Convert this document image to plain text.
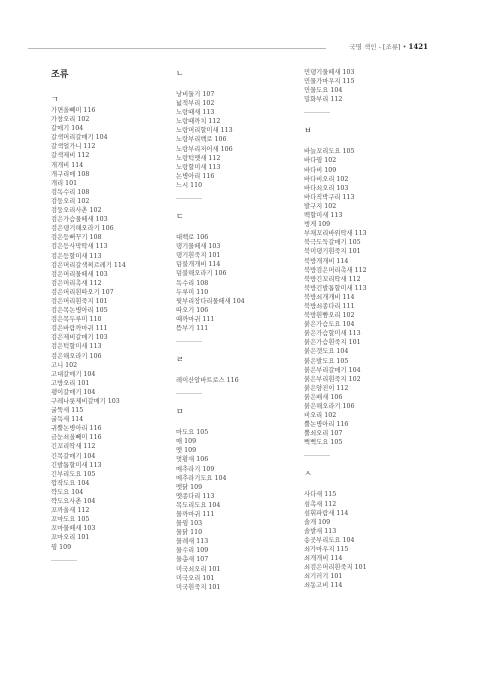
국명 색인 - [조류] • 1421
조류
ㄱ
가면올빼미 116
가창오리 102
갈매기 104
갈색머리갈매기 104
갈색얼가니 112
갈색제비 112
개개비 114
개구리매 108
개리 101
검독수리 108
검둥오리 102
검둥오리사촌 102
검은가슴물떼새 103
검은댕기해오라기 106
검은등뻐꾸기 108
검은등사막딱새 113
검은등할미새 113
검은머리갈색찌르레기 114
검은머리물떼새 103
검은머리촉새 112
검은머리흰따오기 107
검은머리흰죽지 101
검은목논병아리 105
검은목두루미 110
검은바람까마귀 111
검은제비갈매기 103
검은턱할미새 113
검은해오라기 106
고니 102
고대갈매기 104
고방오리 101
괭이갈매기 104
구레나룻제비갈매기 103
굴뚝새 115
굴독새 114
귀뿔논병아리 116
금눈쇠올빼미 116
긴꼬리딱새 112
긴목갈매기 104
긴발톱할미새 113
긴부리도요 105
깝작도요 104
꺅도요 104
꺅도요사촌 104
꼬까울새 112
꼬마도요 105
꼬마물떼새 103
꼬마오리 101
꿩 109
ㄴ
낭비둘기 107
넓적부리 102
노랑때새 113
노랑때까치 112
노랑머리할미새 113
노랑부리백로 106
노랑부리저어새 106
노랑턱멧새 112
노랑할미새 113
논병아리 116
느시 110
ㄷ
대백로 106
댕기물떼새 103
댕기흰죽지 101
덤불개개비 114
덤불해오라기 106
독수리 108
두루미 110
뒷부리장다리물떼새 104
따오기 106
때까마귀 111
뜸부기 111
ㄹ
레이산알바트로스 116
ㅁ
마도요 105
매 109
멧 109
멋황새 106
메추라기 109
메추라기도요 104
멧닭 109
멧종다리 113
목도리도요 104
물까마귀 111
물꿩 103
물닭 110
물레새 113
물수리 109
물총새 107
미국쇠오리 101
미국오리 101
미국흰죽지 101
민댕기물떼새 103
민물가마우지 115
민물도요 104
밀화부리 112
ㅂ
바늘꼬리도요 105
바다꿩 102
바다비 109
바다비오리 102
바다쇠오리 103
바다직박구리 113
발구지 102
백할미새 113
벙게 109
부채꼬리바위딱새 113
북극도둑갈매기 105
북미댕기흰죽지 101
북방개개비 114
북방검은머리촉새 112
북방긴꼬리딱새 112
북방긴발톱할미새 113
북방쇠개개비 114
북방쇠종다리 111
북방흰뺨오리 102
붉은가슴도요 104
붉은가슴할미새 113
붉은가슴흰죽지 101
붉은갯도요 104
붉은발도요 105
붉은부리갈매기 104
붉은부리흰죽지 102
붉은양진이 112
붉은배새 106
붉은해오라기 106
비오리 102
뿔논병아리 116
뿔쇠오리 107
뻑뻑도요 105
ㅅ
사다새 115
섬촉새 112
섬휘파람새 114
솔개 109
솔밭새 113
송곳부리도요 104
쇠가마우지 115
쇠개개비 114
쇠검은머리흰죽지 101
쇠기러기 101
쇠동고비 114
